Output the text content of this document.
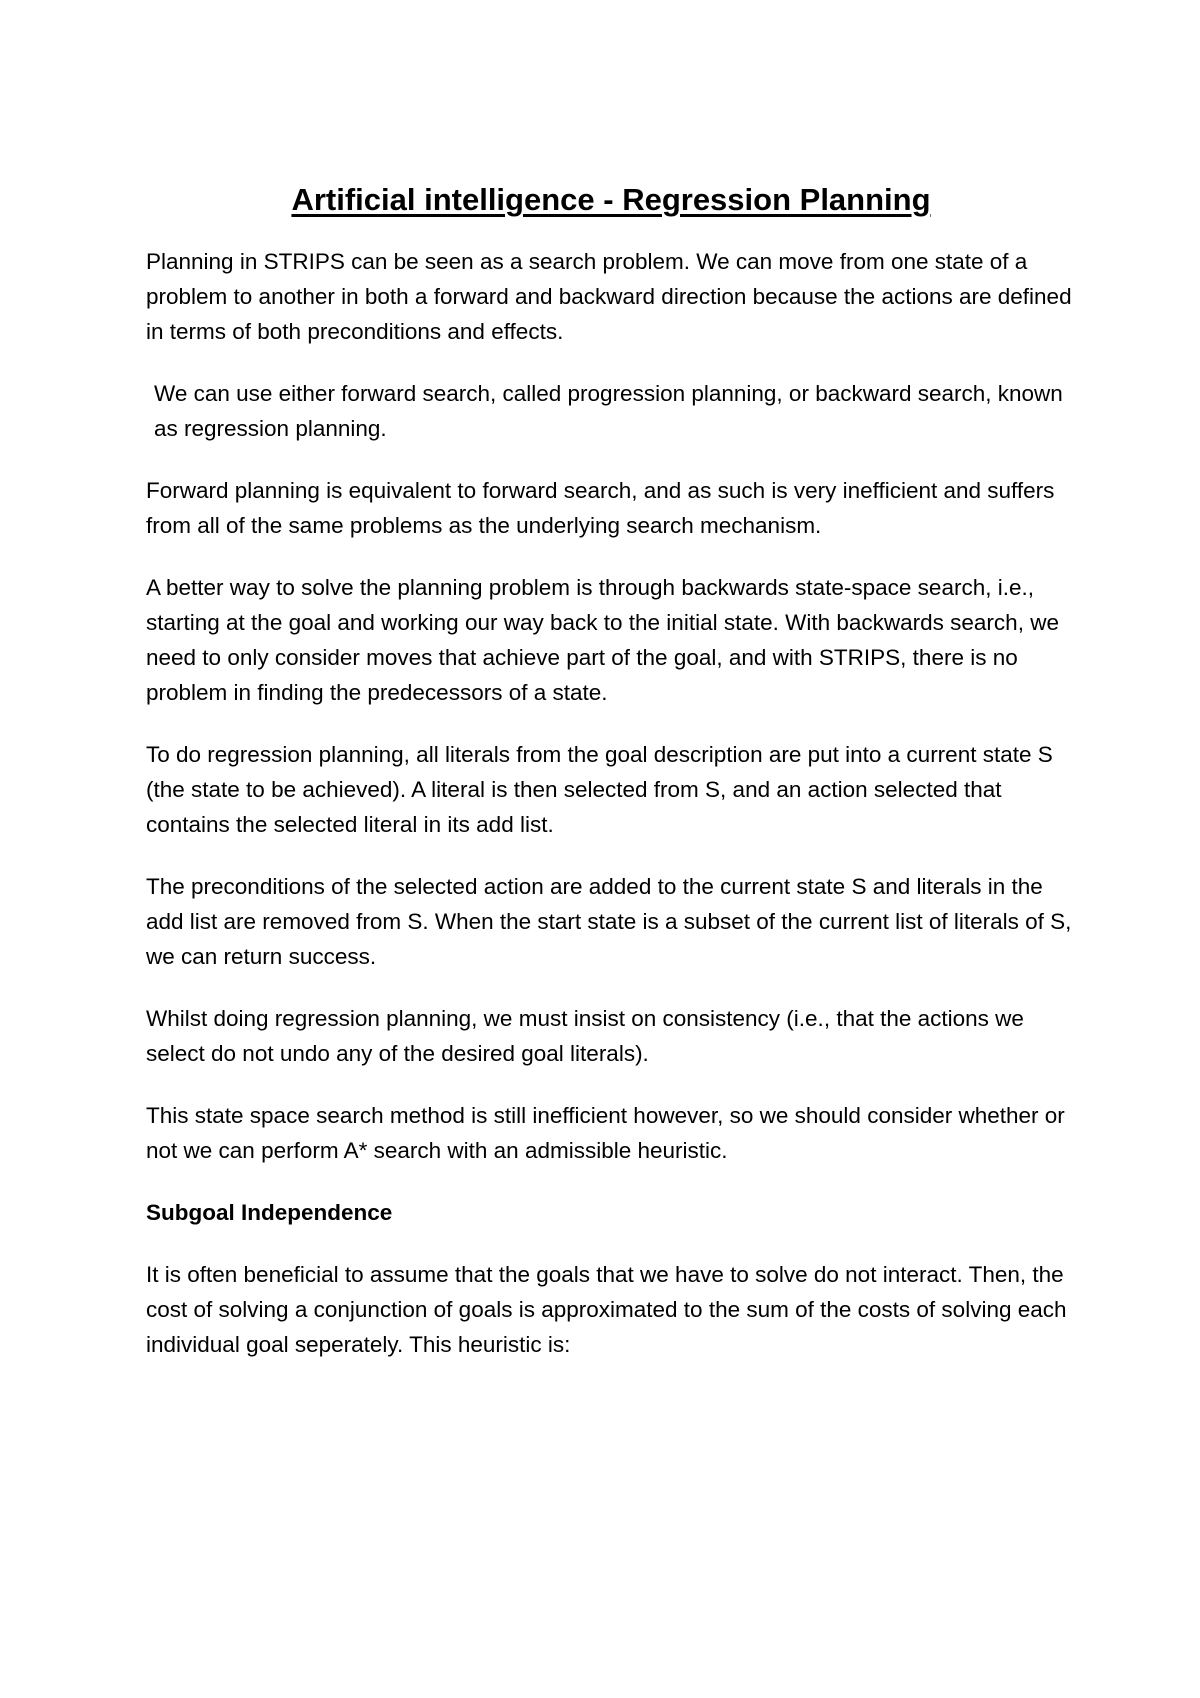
Artificial intelligence - Regression Planning

Planning in STRIPS can be seen as a search problem. We can move from one state of a problem to another in both a forward and backward direction because the actions are defined in terms of both preconditions and effects.

We can use either forward search, called progression planning, or backward search, known as regression planning.

Forward planning is equivalent to forward search, and as such is very inefficient and suffers from all of the same problems as the underlying search mechanism.

A better way to solve the planning problem is through backwards state-space search, i.e., starting at the goal and working our way back to the initial state. With backwards search, we need to only consider moves that achieve part of the goal, and with STRIPS, there is no problem in finding the predecessors of a state.

To do regression planning, all literals from the goal description are put into a current state S (the state to be achieved). A literal is then selected from S, and an action selected that contains the selected literal in its add list.

The preconditions of the selected action are added to the current state S and literals in the add list are removed from S. When the start state is a subset of the current list of literals of S, we can return success.

Whilst doing regression planning, we must insist on consistency (i.e., that the actions we select do not undo any of the desired goal literals).

This state space search method is still inefficient however, so we should consider whether or not we can perform A* search with an admissible heuristic.

Subgoal Independence

It is often beneficial to assume that the goals that we have to solve do not interact. Then, the cost of solving a conjunction of goals is approximated to the sum of the costs of solving each individual goal seperately. This heuristic is:
